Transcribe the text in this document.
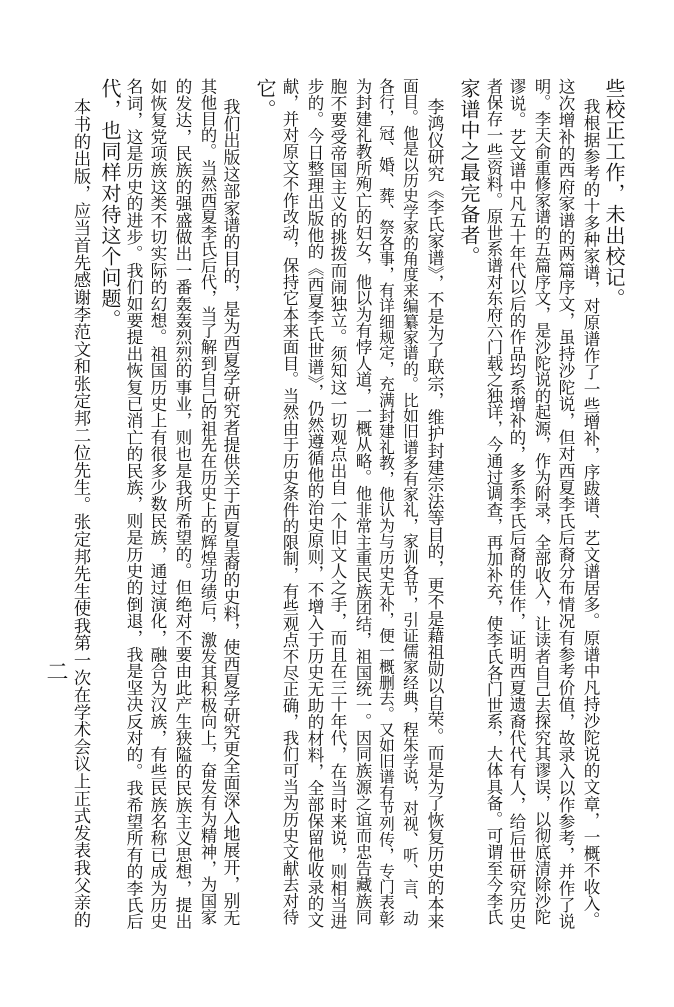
些校正工作，未出校记。

我根据参考的十多种家谱，对原谱作了一些增补，序跋谱、艺文谱居多。原谱中凡持沙陀说的文章，一概不收入。

这次增补的西府家谱的两篇序文，虽持沙陀说，但对西夏李氏后裔分布情况有参考价值，故录入以作参考，并作了说

明。李天俞重修家谱的五篇序文，是沙陀说的起源，作为附录，全部收入，让读者自己去探究其谬误，以彻底清除沙陀

谬说。艺文谱中凡五十年代以后的作品均系增补的，多系李氏后裔的佳作，证明西夏遗裔代代有人，给后世研究历史

者保存一些资料。原世系谱对东府六门载之独详，今通过调查，再加补充，使李氏各门世系，大体具备。可谓至今李氏

家谱中之最完备者。

李鸿仪研究《李氏家谱》，不是为了联宗，维护封建宗法等目的，更不是藉祖勋以自荣。而是为了恢复历史的本来

面目。他是以历史学家的角度来编纂家谱的。比如旧谱多有家礼，家训各节，引证儒家经典，程朱学说，对视、听、言、动

各行，冠、婚、葬、祭各事，有详细规定，充满封建礼教，他认为与历史无补，便一概删去。又如旧谱有节列传，专门表彰

为封建礼教所殉亡的妇女，他以为有悖人道，一概从略。他非常主重民族团结，祖国统一。因同族源之谊而忠告藏族同

胞不要受帝国主义的挑拨而闹独立。须知这一切观点出自一个旧文人之手，而且在三十年代，在当时来说，则相当进

步的。今日整理出版他的《西夏李氏世谱》，仍然遵循他的治史原则，不增入于历史无助的材料，全部保留他收录的文

献，并对原文不作改动，保持它本来面目。当然由于历史条件的限制，有些观点不尽正确，我们可当为历史文献去对待

它。

我们出版这部家谱的目的，是为西夏学研究者提供关于西夏皇裔的史料，使西夏学研究更全面深入地展开，别无

其他目的。当然西夏李氏后代，当了解到自己的祖先在历史上的辉煌功绩后，激发其积极向上，奋发有为精神，为国家

的发达，民族的强盛做出一番轰轰烈烈的事业，则也是我所希望的。但绝对不要由此产生狭隘的民族主义思想，提出

如恢复党项族这类不切实际的幻想。祖国历史上有很多少数民族，通过演化，融合为汉族，有些民族名称已成为历史

名词，这是历史的进步。我们如要提出恢复已消亡的民族，则是历史的倒退，我是坚决反对的。我希望所有的李氏后

代，也同样对待这个问题。

本书的出版，应当首先感谢李范文和张定邦二位先生。张定邦先生使我第一次在学术会议上正式发表我父亲的

二
